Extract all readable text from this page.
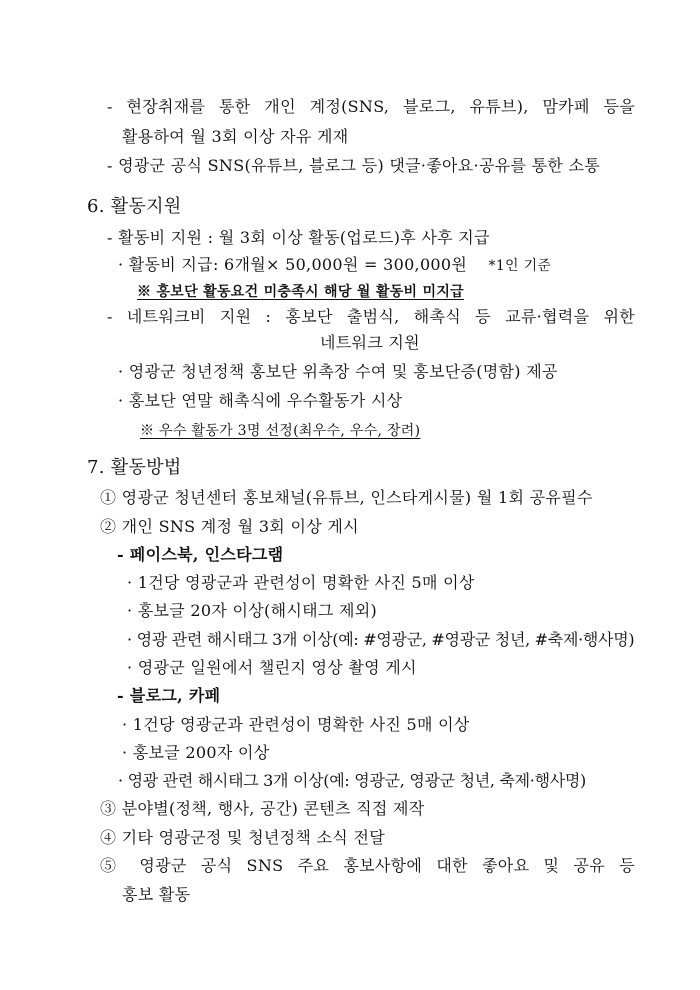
- 현장취재를 통한 개인 계정(SNS, 블로그, 유튜브), 맘카페 등을
활용하여 월 3회 이상 자유 게재
- 영광군 공식 SNS(유튜브, 블로그 등) 댓글·좋아요·공유를 통한 소통
6. 활동지원
- 활동비 지원 : 월 3회 이상 활동(업로드)후 사후 지급
· 활동비 지급: 6개월× 50,000원 = 300,000원 *1인 기준
※ 홍보단 활동요건 미충족시 해당 월 활동비 미지급
- 네트워크비 지원 : 홍보단 출범식, 해촉식 등 교류·협력을 위한
네트워크 지원
· 영광군 청년정책 홍보단 위촉장 수여 및 홍보단증(명함) 제공
· 홍보단 연말 해촉식에 우수활동가 시상
※ 우수 활동가 3명 선정(최우수, 우수, 장려)
7. 활동방법
① 영광군 청년센터 홍보채널(유튜브, 인스타게시물) 월 1회 공유필수
② 개인 SNS 계정 월 3회 이상 게시
- 페이스북, 인스타그램
· 1건당 영광군과 관련성이 명확한 사진 5매 이상
· 홍보글 20자 이상(해시태그 제외)
· 영광 관련 해시태그 3개 이상(예: #영광군, #영광군 청년, #축제·행사명)
· 영광군 일원에서 챌린지 영상 촬영 게시
- 블로그, 카페
· 1건당 영광군과 관련성이 명확한 사진 5매 이상
· 홍보글 200자 이상
· 영광 관련 해시태그 3개 이상(예: 영광군, 영광군 청년, 축제·행사명)
③ 분야별(정책, 행사, 공간) 콘텐츠 직접 제작
④ 기타 영광군정 및 청년정책 소식 전달
⑤ 영광군 공식 SNS 주요 홍보사항에 대한 좋아요 및 공유 등
홍보 활동
